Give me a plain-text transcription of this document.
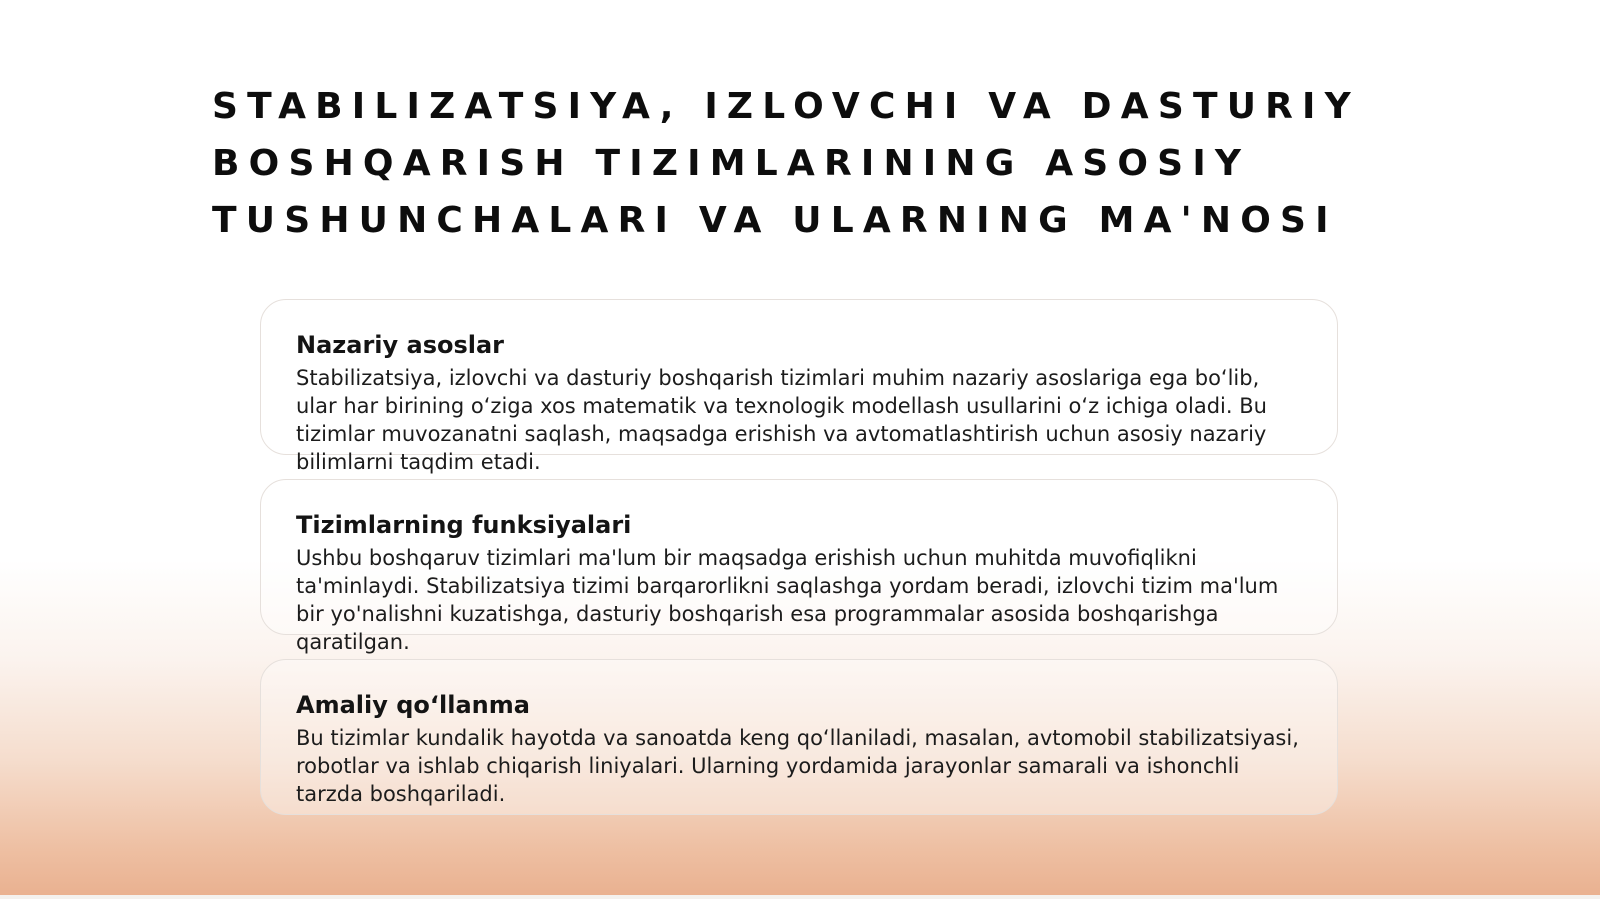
STABILIZATSIYA, IZLOVCHI VA DASTURIY BOSHQARISH TIZIMLARINING ASOSIY TUSHUNCHALARI VA ULARNING MA'NOSI
Nazariy asoslar

Stabilizatsiya, izlovchi va dasturiy boshqarish tizimlari muhim nazariy asoslariga ega boʻlib, ular har birining oʻziga xos matematik va texnologik modellash usullarini oʻz ichiga oladi. Bu tizimlar muvozanatni saqlash, maqsadga erishish va avtomatlashtirish uchun asosiy nazariy bilimlarni taqdim etadi.

Tizimlarning funksiyalari

Ushbu boshqaruv tizimlari ma'lum bir maqsadga erishish uchun muhitda muvofiqlikni ta'minlaydi. Stabilizatsiya tizimi barqarorlikni saqlashga yordam beradi, izlovchi tizim ma'lum bir yo'nalishni kuzatishga, dasturiy boshqarish esa programmalar asosida boshqarishga qaratilgan.

Amaliy qoʻllanma

Bu tizimlar kundalik hayotda va sanoatda keng qoʻllaniladi, masalan, avtomobil stabilizatsiyasi, robotlar va ishlab chiqarish liniyalari. Ularning yordamida jarayonlar samarali va ishonchli tarzda boshqariladi.
